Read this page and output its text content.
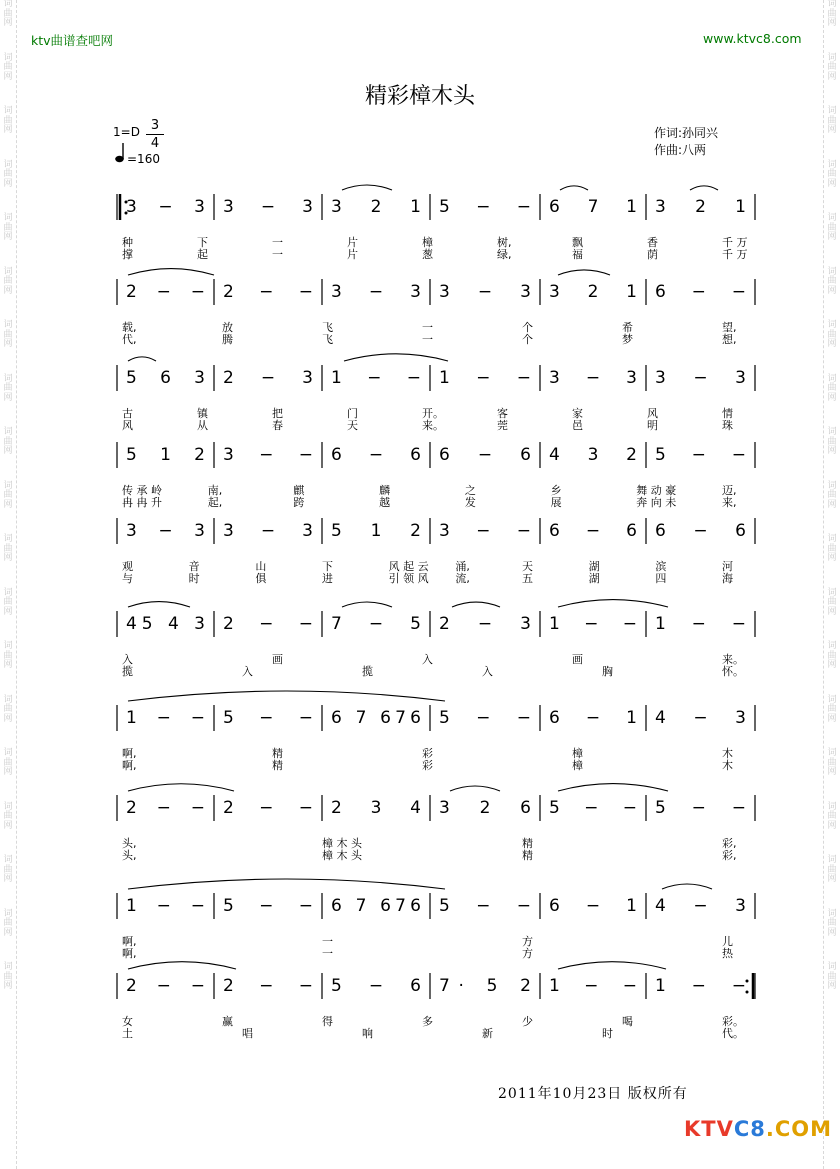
词
曲
网
词
曲
网
词
曲
网
词
曲
网
词
曲
网
词
曲
网
词
曲
网
词
曲
网
词
曲
网
词
曲
网
词
曲
网
词
曲
网
词
曲
网
词
曲
网
词
曲
网
词
曲
网
词
曲
网
词
曲
网
词
曲
网
词
曲
网
词
曲
网
词
曲
网
词
曲
网
词
曲
网
词
曲
网
词
曲
网
词
曲
网
词
曲
网
词
曲
网
词
曲
网
词
曲
网
词
曲
网
词
曲
网
词
曲
网
词
曲
网
词
曲
网
词
曲
网
词
曲
网
ktv曲谱查吧网	www.ktvc8.com
精彩樟木头
$1=D \frac{3}{4}$
=160
作词:孙同兴
作曲:八两
3 − 3 3 − 3 3 2 1 5 − − 6 7 1 3 2 1
种	下	一	片	樟	树,	飘	香	千 万
撑	起	一	片	葱	绿,	福	荫	千 万
2 − − 2 − − 3 − 3 3 − 3 3 2 1 6 − −
载,	放	飞	一	个	希	望,
代,	腾	飞	一	个	梦	想,
5 6 3 2 − 3 1 − − 1 − − 3 − 3 3 − 3
古	镇	把	门	开。	客	家	风	情
风	从	春	天	来。	莞	邑	明	珠
5 1 2 3 − − 6 − 6 6 − 6 4 3 2 5 − −
传 承 岭	南,	麒	麟	之	乡	舞 动 豪	迈,
冉 冉 升	起,	跨	越	发	展	奔 向 未	来,
3 − 3 3 − 3 5 1 2 3 − − 6 − 6 6 − 6
观	音	山	下	风 起 云 涌,	天	湖	滨	河
与	时	俱	进	引 领 风 流,	五	湖	四	海
45 4 3 2 − − 7 − 5 2 − 3 1 − − 1 − −
入	画	入	画	来。
揽	入	揽	入	胸	怀。
1 − − 5 − − 6 7 676 5 − − 6 − 1 4 − 3
啊,	精	彩	樟	木
啊,	精	彩	樟	木
2 − − 2 − − 2 3 4 3 2 6 5 − − 5 − −
头,	樟 木 头	精	彩,
头,	樟 木 头	精	彩,
1 − − 5 − − 6 7 676 5 − − 6 − 1 4 − 3
啊,	一	方	儿
啊,	一	方	热
2 − − 2 − − 5 − 6 7· 5 2 1 − − 1 − −
女	赢	得	多	少	喝	彩。
土	唱	响	新	时	代。
2011年10月23日 版权所有
KTVC8.COM
